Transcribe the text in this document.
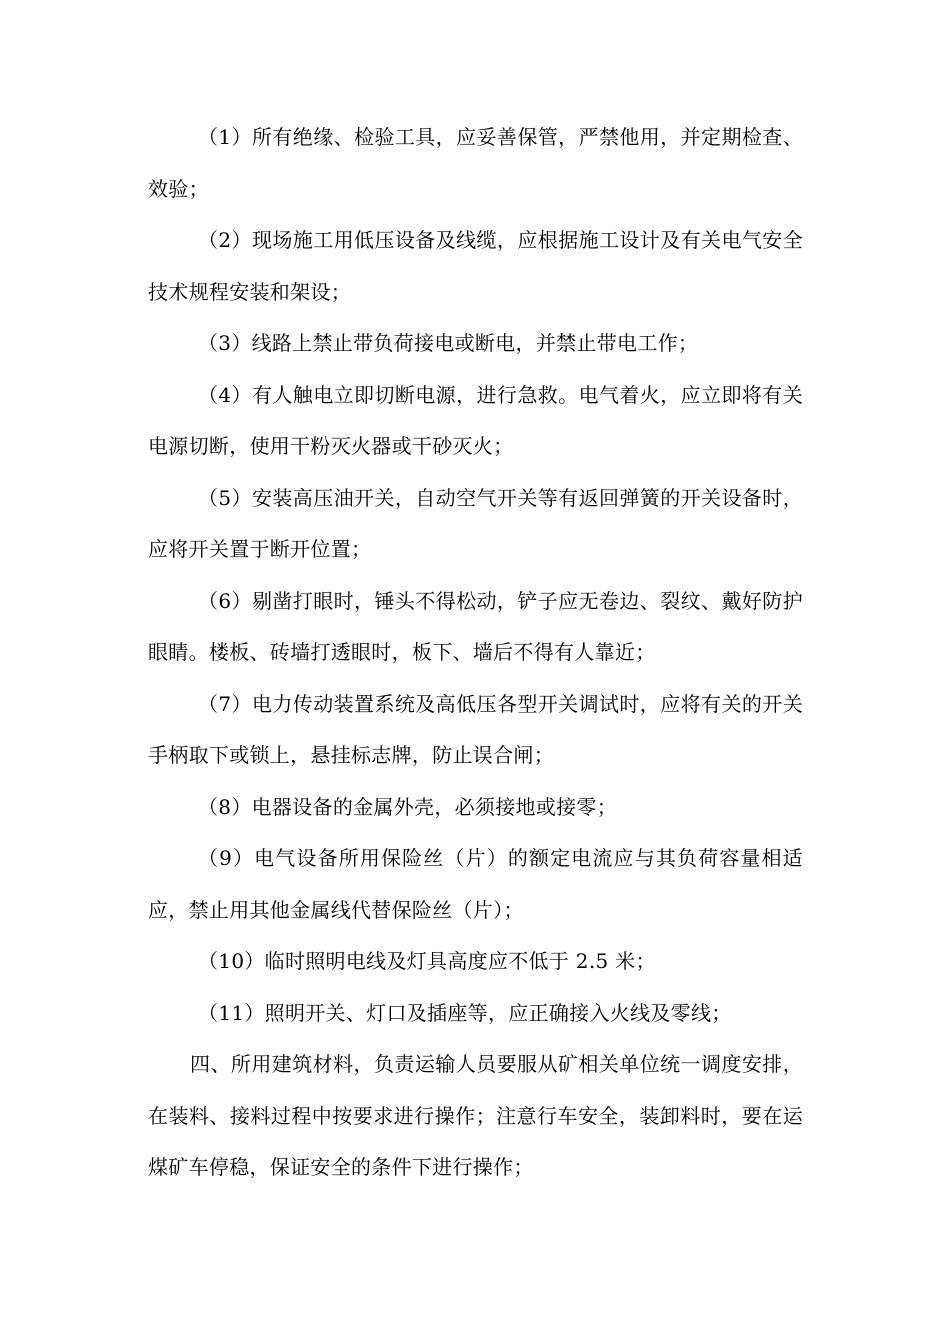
（1）所有绝缘、检验工具，应妥善保管，严禁他用，并定期检查、效验；

（2）现场施工用低压设备及线缆，应根据施工设计及有关电气安全技术规程安装和架设；

（3）线路上禁止带负荷接电或断电，并禁止带电工作；

（4）有人触电立即切断电源，进行急救。电气着火，应立即将有关电源切断，使用干粉灭火器或干砂灭火；

（5）安装高压油开关，自动空气开关等有返回弹簧的开关设备时，应将开关置于断开位置；

（6）剔凿打眼时，锤头不得松动，铲子应无卷边、裂纹、戴好防护眼睛。楼板、砖墙打透眼时，板下、墙后不得有人靠近；

（7）电力传动装置系统及高低压各型开关调试时，应将有关的开关手柄取下或锁上，悬挂标志牌，防止误合闸；

（8）电器设备的金属外壳，必须接地或接零；

（9）电气设备所用保险丝（片）的额定电流应与其负荷容量相适应，禁止用其他金属线代替保险丝（片）；

（10）临时照明电线及灯具高度应不低于 2.5 米；

（11）照明开关、灯口及插座等，应正确接入火线及零线；

四、所用建筑材料，负责运输人员要服从矿相关单位统一调度安排，在装料、接料过程中按要求进行操作；注意行车安全，装卸料时，要在运煤矿车停稳，保证安全的条件下进行操作；
